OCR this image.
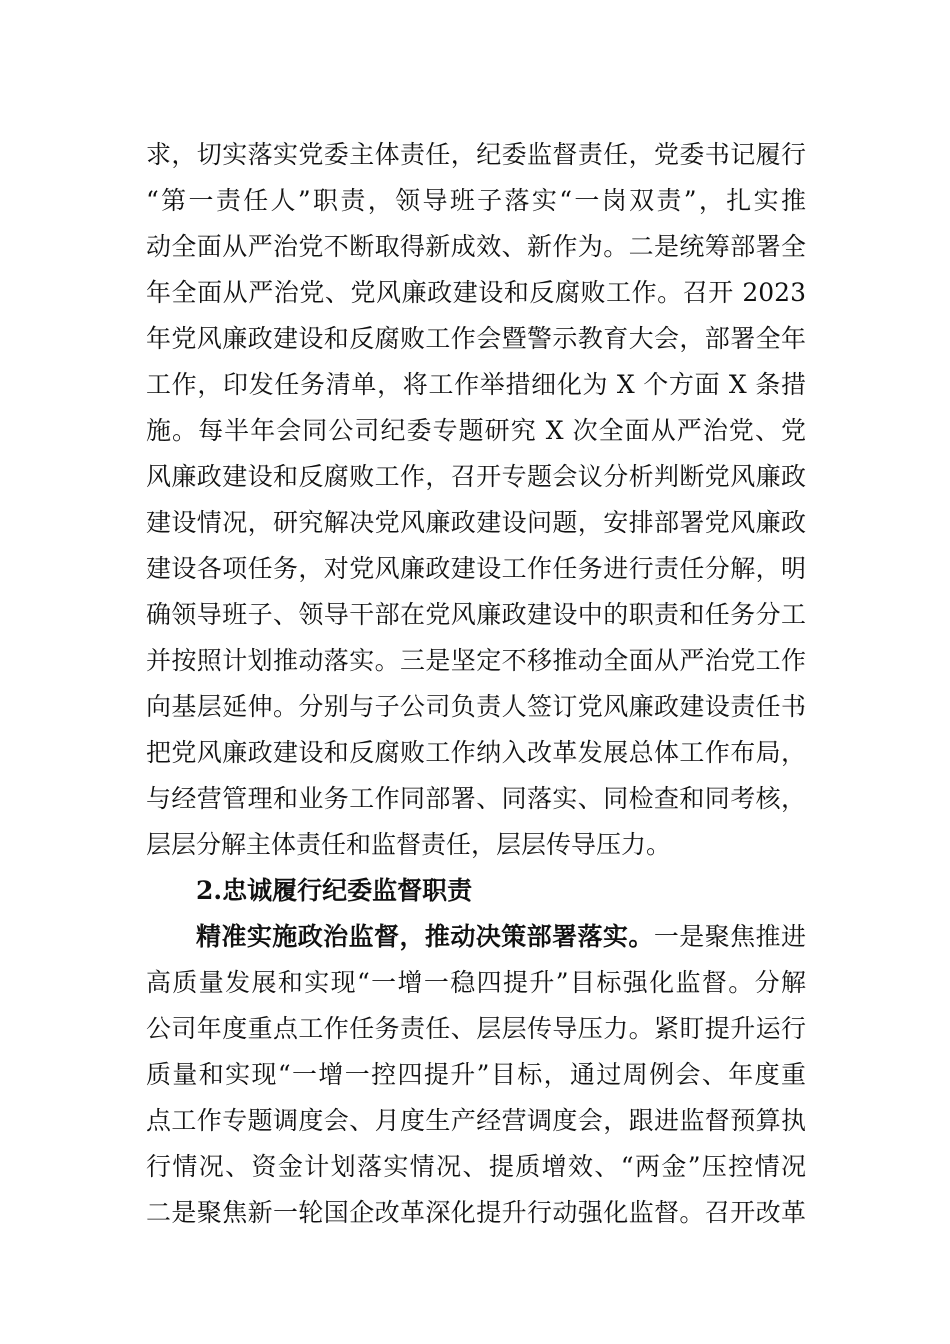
求，切实落实党委主体责任，纪委监督责任，党委书记履行
“第一责任人”职责，领导班子落实“一岗双责”，扎实推
动全面从严治党不断取得新成效、新作为。二是统筹部署全
年全面从严治党、党风廉政建设和反腐败工作。召开 2023
年党风廉政建设和反腐败工作会暨警示教育大会，部署全年
工作，印发任务清单，将工作举措细化为 X 个方面 X 条措
施。每半年会同公司纪委专题研究 X 次全面从严治党、党
风廉政建设和反腐败工作，召开专题会议分析判断党风廉政
建设情况，研究解决党风廉政建设问题，安排部署党风廉政
建设各项任务，对党风廉政建设工作任务进行责任分解，明
确领导班子、领导干部在党风廉政建设中的职责和任务分工
并按照计划推动落实。三是坚定不移推动全面从严治党工作
向基层延伸。分别与子公司负责人签订党风廉政建设责任书
把党风廉政建设和反腐败工作纳入改革发展总体工作布局，
与经营管理和业务工作同部署、同落实、同检查和同考核，
层层分解主体责任和监督责任，层层传导压力。
2.忠诚履行纪委监督职责
精准实施政治监督，推动决策部署落实。一是聚焦推进
高质量发展和实现“一增一稳四提升”目标强化监督。分解
公司年度重点工作任务责任、层层传导压力。紧盯提升运行
质量和实现“一增一控四提升”目标，通过周例会、年度重
点工作专题调度会、月度生产经营调度会，跟进监督预算执
行情况、资金计划落实情况、提质增效、“两金”压控情况
二是聚焦新一轮国企改革深化提升行动强化监督。召开改革
